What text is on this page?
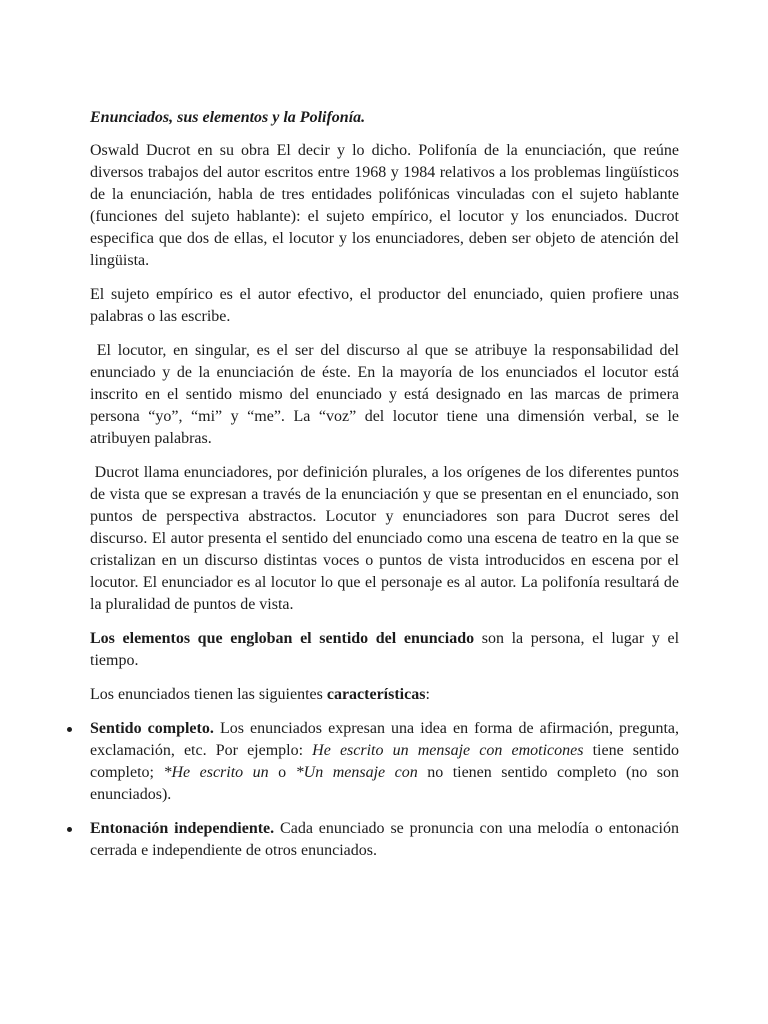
Enunciados, sus elementos y la Polifonía.

Oswald Ducrot en su obra El decir y lo dicho. Polifonía de la enunciación, que reúne diversos trabajos del autor escritos entre 1968 y 1984 relativos a los problemas lingüísticos de la enunciación, habla de tres entidades polifónicas vinculadas con el sujeto hablante (funciones del sujeto hablante): el sujeto empírico, el locutor y los enunciados. Ducrot especifica que dos de ellas, el locutor y los enunciadores, deben ser objeto de atención del lingüista.

El sujeto empírico es el autor efectivo, el productor del enunciado, quien profiere unas palabras o las escribe.

El locutor, en singular, es el ser del discurso al que se atribuye la responsabilidad del enunciado y de la enunciación de éste. En la mayoría de los enunciados el locutor está inscrito en el sentido mismo del enunciado y está designado en las marcas de primera persona “yo”, “mi” y “me”. La “voz” del locutor tiene una dimensión verbal, se le atribuyen palabras.

Ducrot llama enunciadores, por definición plurales, a los orígenes de los diferentes puntos de vista que se expresan a través de la enunciación y que se presentan en el enunciado, son puntos de perspectiva abstractos. Locutor y enunciadores son para Ducrot seres del discurso. El autor presenta el sentido del enunciado como una escena de teatro en la que se cristalizan en un discurso distintas voces o puntos de vista introducidos en escena por el locutor. El enunciador es al locutor lo que el personaje es al autor. La polifonía resultará de la pluralidad de puntos de vista.

Los elementos que engloban el sentido del enunciado son la persona, el lugar y el tiempo.

Los enunciados tienen las siguientes características:

Sentido completo. Los enunciados expresan una idea en forma de afirmación, pregunta, exclamación, etc. Por ejemplo: He escrito un mensaje con emoticones tiene sentido completo; *He escrito un o *Un mensaje con no tienen sentido completo (no son enunciados).
Entonación independiente. Cada enunciado se pronuncia con una melodía o entonación cerrada e independiente de otros enunciados.
